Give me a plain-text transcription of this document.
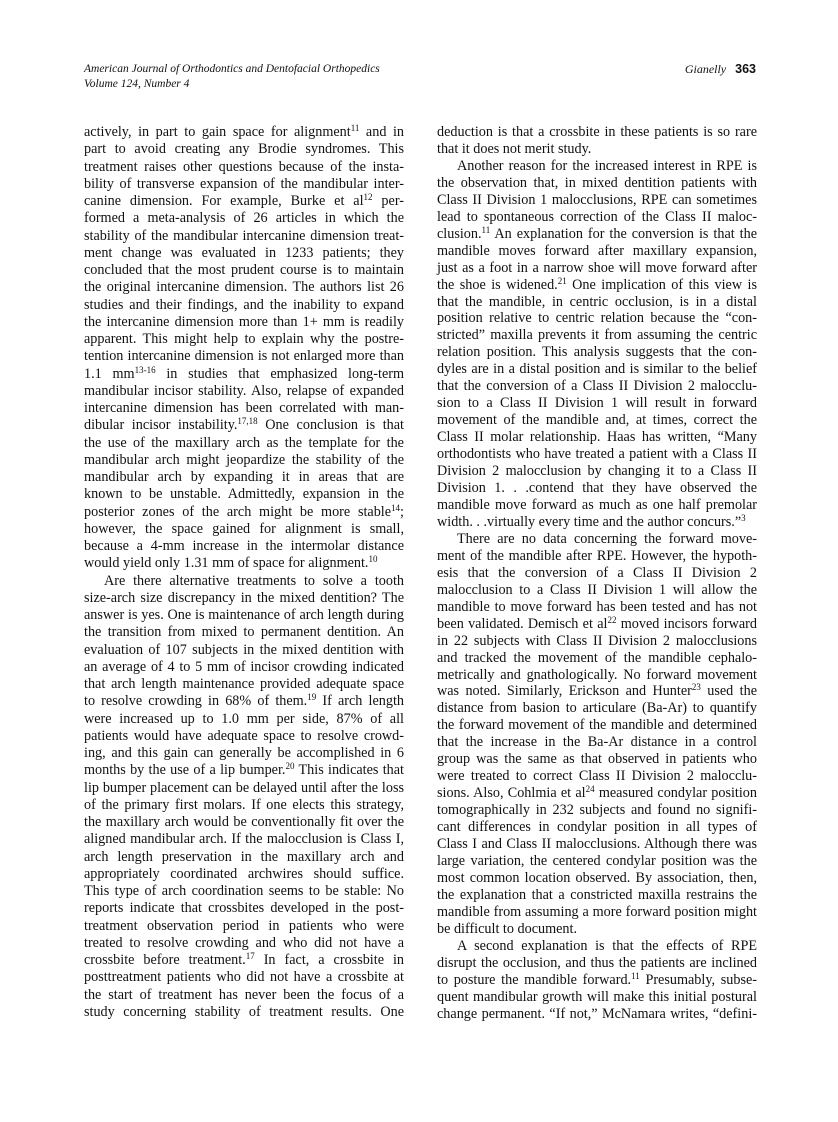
American Journal of Orthodontics and Dentofacial Orthopedics
Volume 124, Number 4
Gianelly 363
actively, in part to gain space for alignment$^{11}$ and in
part to avoid creating any Brodie syndromes. This
treatment raises other questions because of the insta-
bility of transverse expansion of the mandibular inter-
canine dimension. For example, Burke et $al^{12}$ per-
formed a meta-analysis of 26 articles in which the
stability of the mandibular intercanine dimension treat-
ment change was evaluated in 1233 patients; they
concluded that the most prudent course is to maintain
the original intercanine dimension. The authors list 26
studies and their findings, and the inability to expand
the intercanine dimension more than 1+ mm is readily
apparent. This might help to explain why the postre-
tention intercanine dimension is not enlarged more than
1.1 $mm^{13-16}$ in studies that emphasized long-term
mandibular incisor stability. Also, relapse of expanded
intercanine dimension has been correlated with man-
dibular incisor instability.$^{17,18}$ One conclusion is that
the use of the maxillary arch as the template for the
mandibular arch might jeopardize the stability of the
mandibular arch by expanding it in areas that are
known to be unstable. Admittedly, expansion in the
posterior zones of the arch might be more stable$^{14}$;
however, the space gained for alignment is small,
because a 4-mm increase in the intermolar distance
would yield only 1.31 mm of space for alignment.$^{10}$
Are there alternative treatments to solve a tooth
size-arch size discrepancy in the mixed dentition? The
answer is yes. One is maintenance of arch length during
the transition from mixed to permanent dentition. An
evaluation of 107 subjects in the mixed dentition with
an average of 4 to 5 mm of incisor crowding indicated
that arch length maintenance provided adequate space
to resolve crowding in 68% of them.$^{19}$ If arch length
were increased up to 1.0 mm per side, 87% of all
patients would have adequate space to resolve crowd-
ing, and this gain can generally be accomplished in 6
months by the use of a lip bumper.$^{20}$ This indicates that
lip bumper placement can be delayed until after the loss
of the primary first molars. If one elects this strategy,
the maxillary arch would be conventionally fit over the
aligned mandibular arch. If the malocclusion is Class I,
arch length preservation in the maxillary arch and
appropriately coordinated archwires should suffice.
This type of arch coordination seems to be stable: No
reports indicate that crossbites developed in the post-
treatment observation period in patients who were
treated to resolve crowding and who did not have a
crossbite before treatment.$^{17}$ In fact, a crossbite in
posttreatment patients who did not have a crossbite at
the start of treatment has never been the focus of a
study concerning stability of treatment results. One
deduction is that a crossbite in these patients is so rare
that it does not merit study.
Another reason for the increased interest in RPE is
the observation that, in mixed dentition patients with
Class II Division 1 malocclusions, RPE can sometimes
lead to spontaneous correction of the Class II maloc-
clusion.$^{11}$ An explanation for the conversion is that the
mandible moves forward after maxillary expansion,
just as a foot in a narrow shoe will move forward after
the shoe is widened.$^{21}$ One implication of this view is
that the mandible, in centric occlusion, is in a distal
position relative to centric relation because the “con-
stricted” maxilla prevents it from assuming the centric
relation position. This analysis suggests that the con-
dyles are in a distal position and is similar to the belief
that the conversion of a Class II Division 2 malocclu-
sion to a Class II Division 1 will result in forward
movement of the mandible and, at times, correct the
Class II molar relationship. Haas has written, “Many
orthodontists who have treated a patient with a Class II
Division 2 malocclusion by changing it to a Class II
Division 1. . .contend that they have observed the
mandible move forward as much as one half premolar
width. . .virtually every time and the author concurs.”$^3$
There are no data concerning the forward move-
ment of the mandible after RPE. However, the hypoth-
esis that the conversion of a Class II Division 2
malocclusion to a Class II Division 1 will allow the
mandible to move forward has been tested and has not
been validated. Demisch et $al^{22}$ moved incisors forward
in 22 subjects with Class II Division 2 malocclusions
and tracked the movement of the mandible cephalo-
metrically and gnathologically. No forward movement
was noted. Similarly, Erickson and Hunter$^{23}$ used the
distance from basion to articulare (Ba-Ar) to quantify
the forward movement of the mandible and determined
that the increase in the Ba-Ar distance in a control
group was the same as that observed in patients who
were treated to correct Class II Division 2 malocclu-
sions. Also, Cohlmia et $al^{24}$ measured condylar position
tomographically in 232 subjects and found no signifi-
cant differences in condylar position in all types of
Class I and Class II malocclusions. Although there was
large variation, the centered condylar position was the
most common location observed. By association, then,
the explanation that a constricted maxilla restrains the
mandible from assuming a more forward position might
be difficult to document.
A second explanation is that the effects of RPE
disrupt the occlusion, and thus the patients are inclined
to posture the mandible forward.$^{11}$ Presumably, subse-
quent mandibular growth will make this initial postural
change permanent. “If not,” McNamara writes, “defini-
